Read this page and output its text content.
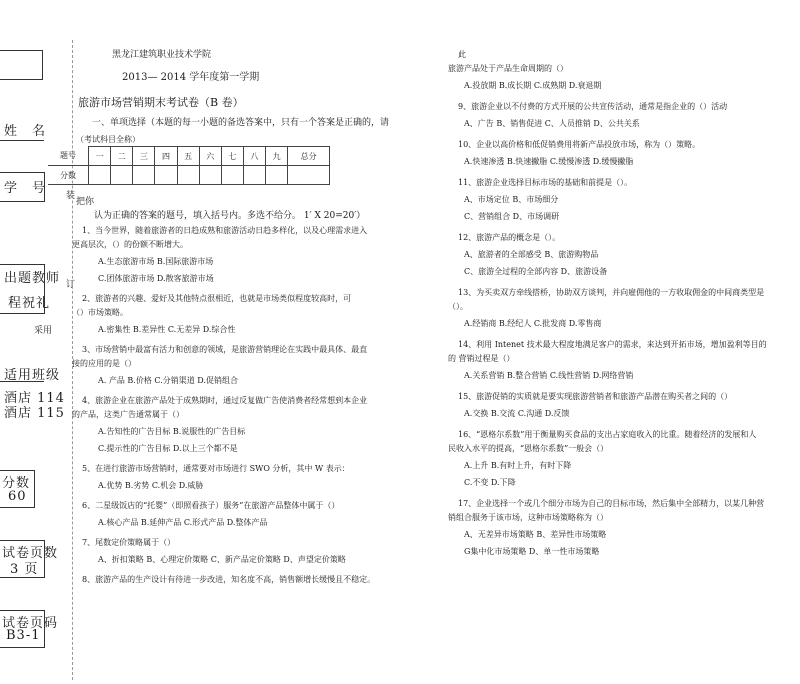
姓　名
学　号
出题教师
程祝礼
采用
适用班级
酒店 114
酒店 115
分数
60
试卷页数
3 页
试卷页码
B3-1
装
订
黑龙江建筑职业技术学院
2013— 2014 学年度第一学期
旅游市场营销期末考试卷（B 卷）
一、单项选择（本题的每一小题的备选答案中，只有一个答案是正确的，请
（考试科目全称）
题号	一	二	三	四	五	六	七	八	九	总分
分数										
把你
认为正确的答案的题号，填入括号内。多选不给分。 1′ X 20=20′）
1、当今世界，随着旅游者的日趋成熟和旅游活动日趋多样化，以及心理需求进入
更高层次，（）的份额不断增大。
A.生态旅游市场 B.国际旅游市场
C.团体旅游市场 D.散客旅游市场
2、旅游者的兴趣、爱好及其他特点很相近，也就是市场类似程度较高时，可
（）市场策略。
A.密集性 B.差异性 C.无差异 D.综合性
3、市场营销中最富有活力和创意的领域，是旅游营销理论在实践中最具体、最直
接的应用的是（）
A. 产品 B.价格 C.分销渠道 D.促销组合
4、旅游企业在旅游产品处于成熟期时，通过反复做广告使消费者经常想到本企业
的产品，这类广告通常属于（）
A.告知性的广告目标 B.说服性的广告目标
C.提示性的广告目标 D.以上三个都不是
5、在进行旅游市场营销时，通常要对市场进行 SWO 分析，其中 W 表示：
A.优势 B.劣势 C.机会 D.威胁
6、二星级饭店的“托婴”（即照看孩子）服务”在旅游产品整体中属于（）
A.核心产品 B.延伸产品 C.形式产品 D.整体产品
7、尾数定价策略属于（）
A、折扣策略 B、心理定价策略 C、新产品定价策略 D、声望定价策略
8、旅游产品的生产设计有待进一步改进，知名度不高，销售额增长缓慢且不稳定。
此
旅游产品处于产品生命周期的（）
A.投放期 B.成长期 C.成熟期 D.衰退期
9、旅游企业以不付费的方式开展的公共宣传活动，通常是指企业的（）活动
A、广告 B、销售促进 C、人员推销 D、公共关系
10、企业以高价格和低促销费用将新产品投放市场，称为（）策略。
A.快速渗透 B.快速撇脂 C.缓慢渗透 D.缓慢撇脂
11、旅游企业选择目标市场的基础和前提是（）。
A、市场定位 B、市场细分
C、营销组合 D、市场调研
12、旅游产品的概念是（）。
A、旅游者的全部感受 B、旅游购物品
C、旅游全过程的全部内容 D、旅游设备
13、为买卖双方牵线搭桥，协助双方谈判，并向雇佣他的一方收取佣金的中间商类型是
（）。
A.经销商 B.经纪人 C.批发商 D.零售商
14、利用 Intenet 技术最大程度地满足客户的需求，来达到开拓市场，增加盈利等目的
的 营销过程是（）
A.关系营销 B.整合营销 C.线性营销 D.网络营销
15、旅游促销的实质就是要实现旅游营销者和旅游产品潜在购买者之间的（）
A.交换 B.交流 C.沟通 D.反馈
16、“恩格尔系数”用于衡量购买食品的支出占家庭收入的比重。随着经济的发展和人
民收入水平的提高，“恩格尔系数”一般会（）
A.上升 B.有时上升，有时下降
C.不变 D.下降
17、企业选择一个或几个细分市场为自己的目标市场，然后集中全部精力，以某几种营
销组合服务于该市场，这种市场策略称为（）
A、无差异市场策略 B、差异性市场策略
G集中化市场策略 D、单一性市场策略
